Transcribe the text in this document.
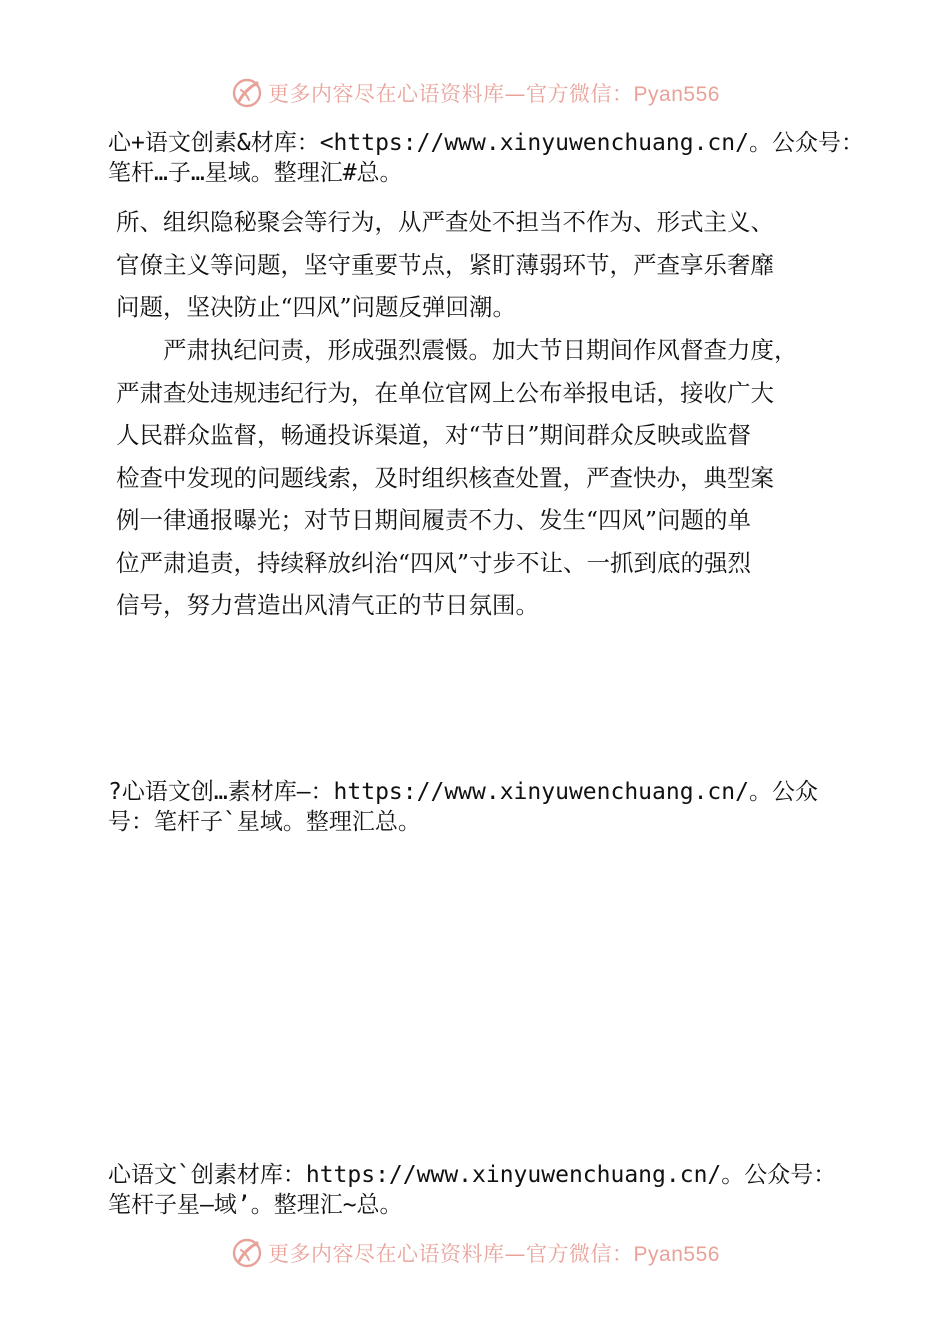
更多内容尽在心语资料库—官方微信：Pyan556
心+语文创素&材库：<https://www.xinyuwenchuang.cn/。公众号：
笔杆…子…星域。整理汇#总。
所、组织隐秘聚会等行为，从严查处不担当不作为、形式主义、
官僚主义等问题，坚守重要节点，紧盯薄弱环节，严查享乐奢靡
问题，坚决防止“四风”问题反弹回潮。
　　严肃执纪问责，形成强烈震慑。加大节日期间作风督查力度，
严肃查处违规违纪行为，在单位官网上公布举报电话，接收广大
人民群众监督，畅通投诉渠道，对“节日”期间群众反映或监督
检查中发现的问题线索，及时组织核查处置，严查快办，典型案
例一律通报曝光；对节日期间履责不力、发生“四风”问题的单
位严肃追责，持续释放纠治“四风”寸步不让、一抓到底的强烈
信号，努力营造出风清气正的节日氛围。
?心语文创…素材库—：https://www.xinyuwenchuang.cn/。公众
号：笔杆子`星域。整理汇总。
心语文`创素材库：https://www.xinyuwenchuang.cn/。公众号：
笔杆子星—域’。整理汇~总。
更多内容尽在心语资料库—官方微信：Pyan556
